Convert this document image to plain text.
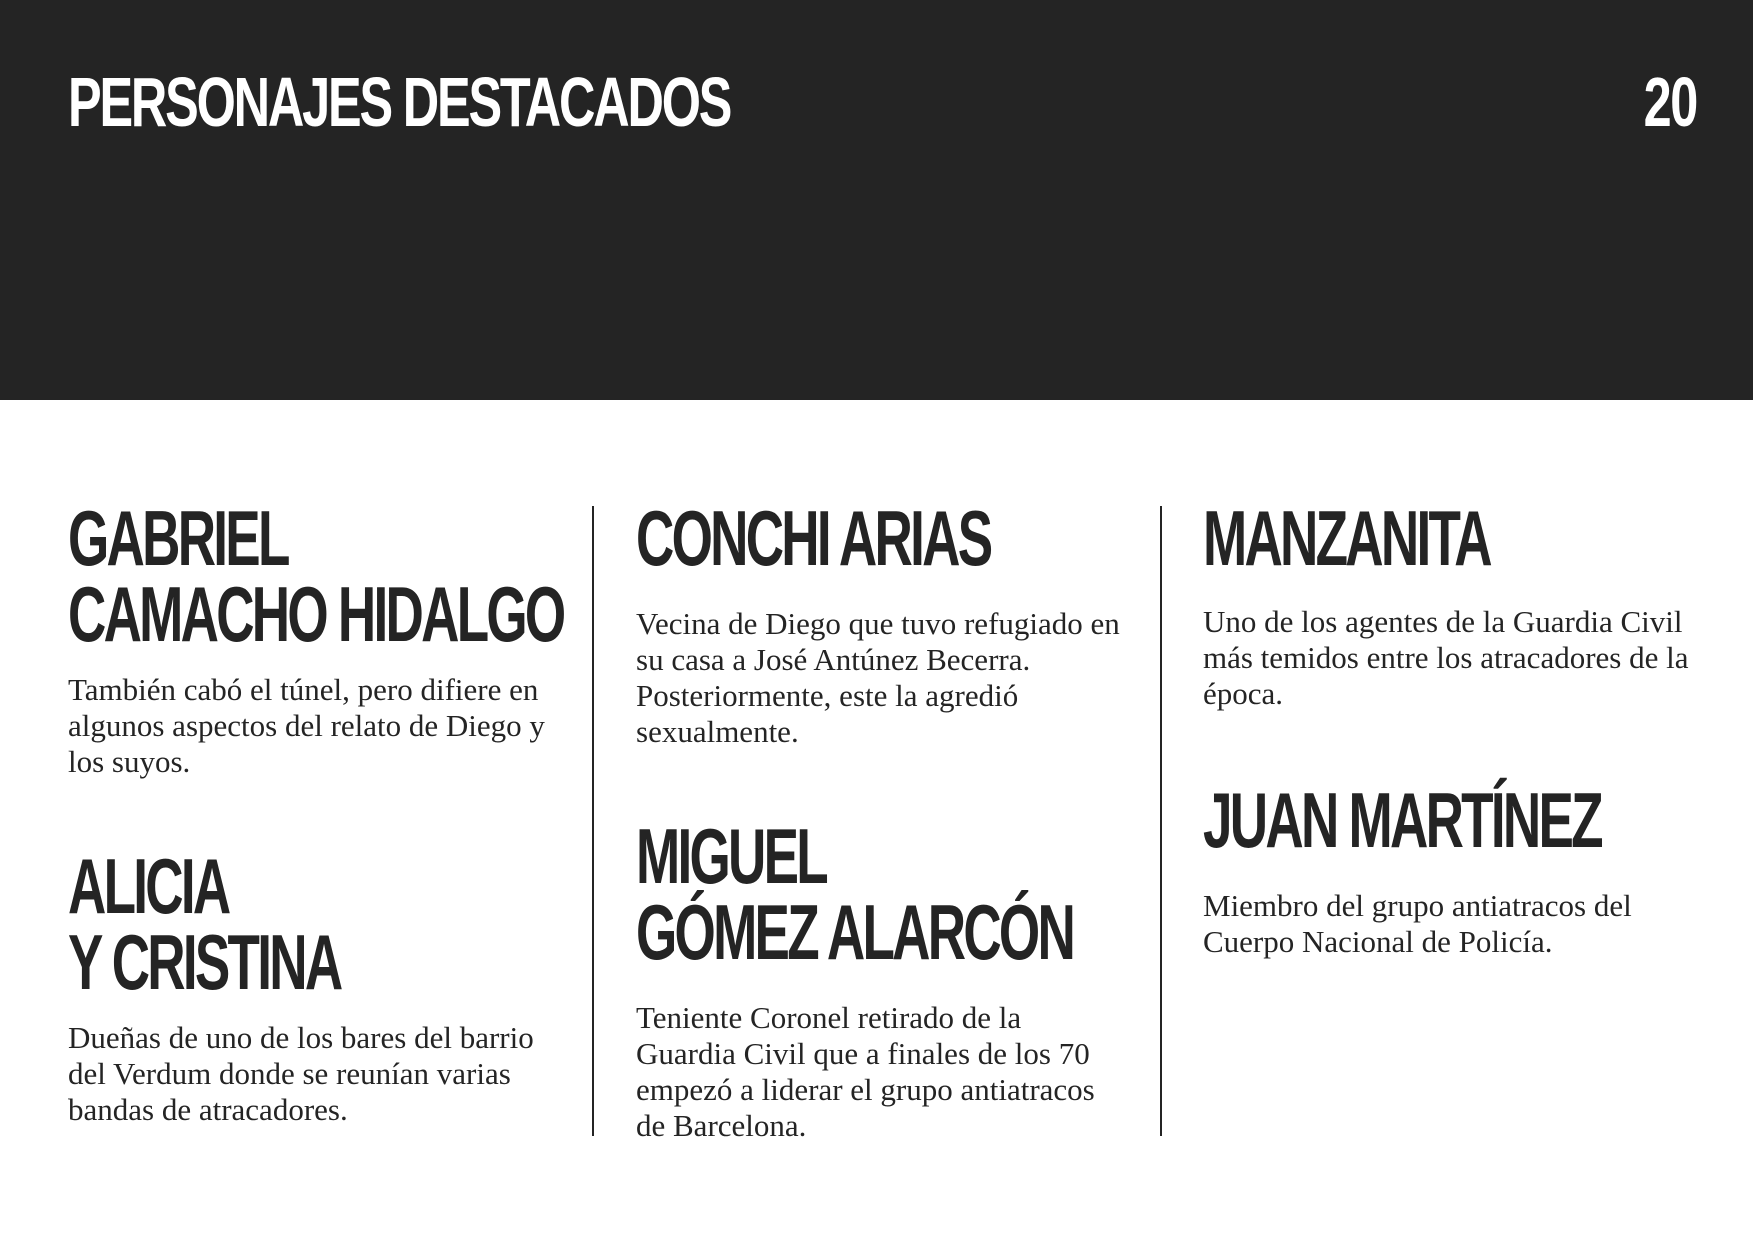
PERSONAJES DESTACADOS	20
GABRIEL
CAMACHO HIDALGO

También cabó el túnel, pero difiere en algunos aspectos del relato de Diego y los suyos.

ALICIA
Y CRISTINA

Dueñas de uno de los bares del barrio del Verdum donde se reunían varias bandas de atracadores.

CONCHI ARIAS

Vecina de Diego que tuvo refugiado en su casa a José Antúnez Becerra. Posteriormente, este la agredió sexualmente.

MIGUEL
GÓMEZ ALARCÓN

Teniente Coronel retirado de la Guardia Civil que a finales de los 70 empezó a liderar el grupo antiatracos de Barcelona.

MANZANITA

Uno de los agentes de la Guardia Civil más temidos entre los atracadores de la época.

JUAN MARTÍNEZ

Miembro del grupo antiatracos del Cuerpo Nacional de Policía.
